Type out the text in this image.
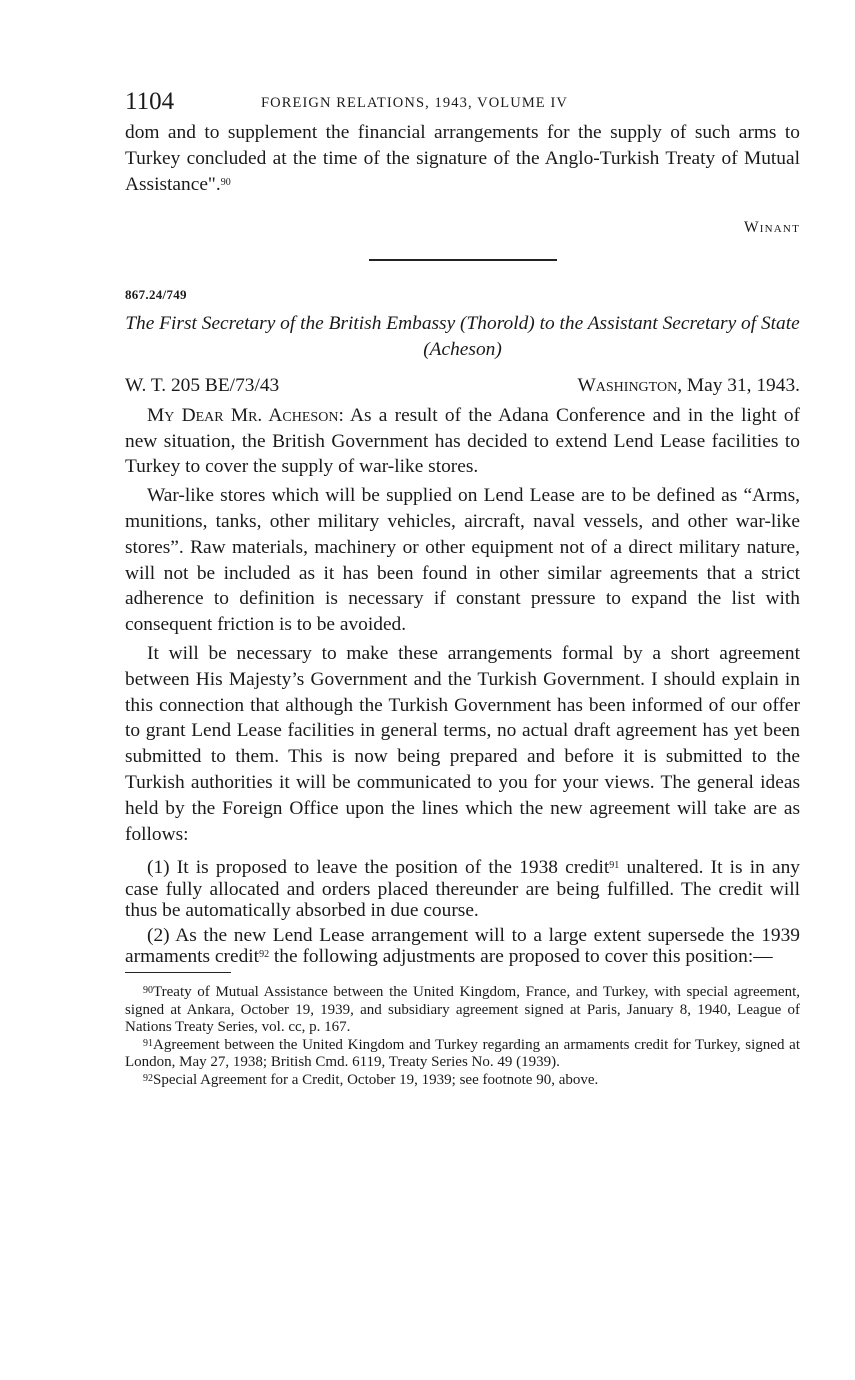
1104	FOREIGN RELATIONS, 1943, VOLUME IV

dom and to supplement the financial arrangements for the supply of such arms to Turkey concluded at the time of the signature of the Anglo-Turkish Treaty of Mutual Assistance".$^{90}$

Winant
867.24/749
The First Secretary of the British Embassy (Thorold) to the Assistant Secretary of State (Acheson)
W. T. 205 BE/73/43	Washington, May 31, 1943.

My Dear Mr. Acheson: As a result of the Adana Conference and in the light of new situation, the British Government has decided to extend Lend Lease facilities to Turkey to cover the supply of war-like stores.

War-like stores which will be supplied on Lend Lease are to be defined as “Arms, munitions, tanks, other military vehicles, aircraft, naval vessels, and other war-like stores”. Raw materials, machinery or other equipment not of a direct military nature, will not be included as it has been found in other similar agreements that a strict adherence to definition is necessary if constant pressure to expand the list with consequent friction is to be avoided.

It will be necessary to make these arrangements formal by a short agreement between His Majesty’s Government and the Turkish Government. I should explain in this connection that although the Turkish Government has been informed of our offer to grant Lend Lease facilities in general terms, no actual draft agreement has yet been submitted to them. This is now being prepared and before it is submitted to the Turkish authorities it will be communicated to you for your views. The general ideas held by the Foreign Office upon the lines which the new agreement will take are as follows:

(1) It is proposed to leave the position of the 1938 credit$^{91}$ unaltered. It is in any case fully allocated and orders placed thereunder are being fulfilled. The credit will thus be automatically absorbed in due course.

(2) As the new Lend Lease arrangement will to a large extent supersede the 1939 armaments credit$^{92}$ the following adjustments are proposed to cover this position:—

$^{90}$Treaty of Mutual Assistance between the United Kingdom, France, and Turkey, with special agreement, signed at Ankara, October 19, 1939, and subsidiary agreement signed at Paris, January 8, 1940, League of Nations Treaty Series, vol. cc, p. 167.

$^{91}$Agreement between the United Kingdom and Turkey regarding an armaments credit for Turkey, signed at London, May 27, 1938; British Cmd. 6119, Treaty Series No. 49 (1939).

$^{92}$Special Agreement for a Credit, October 19, 1939; see footnote 90, above.
